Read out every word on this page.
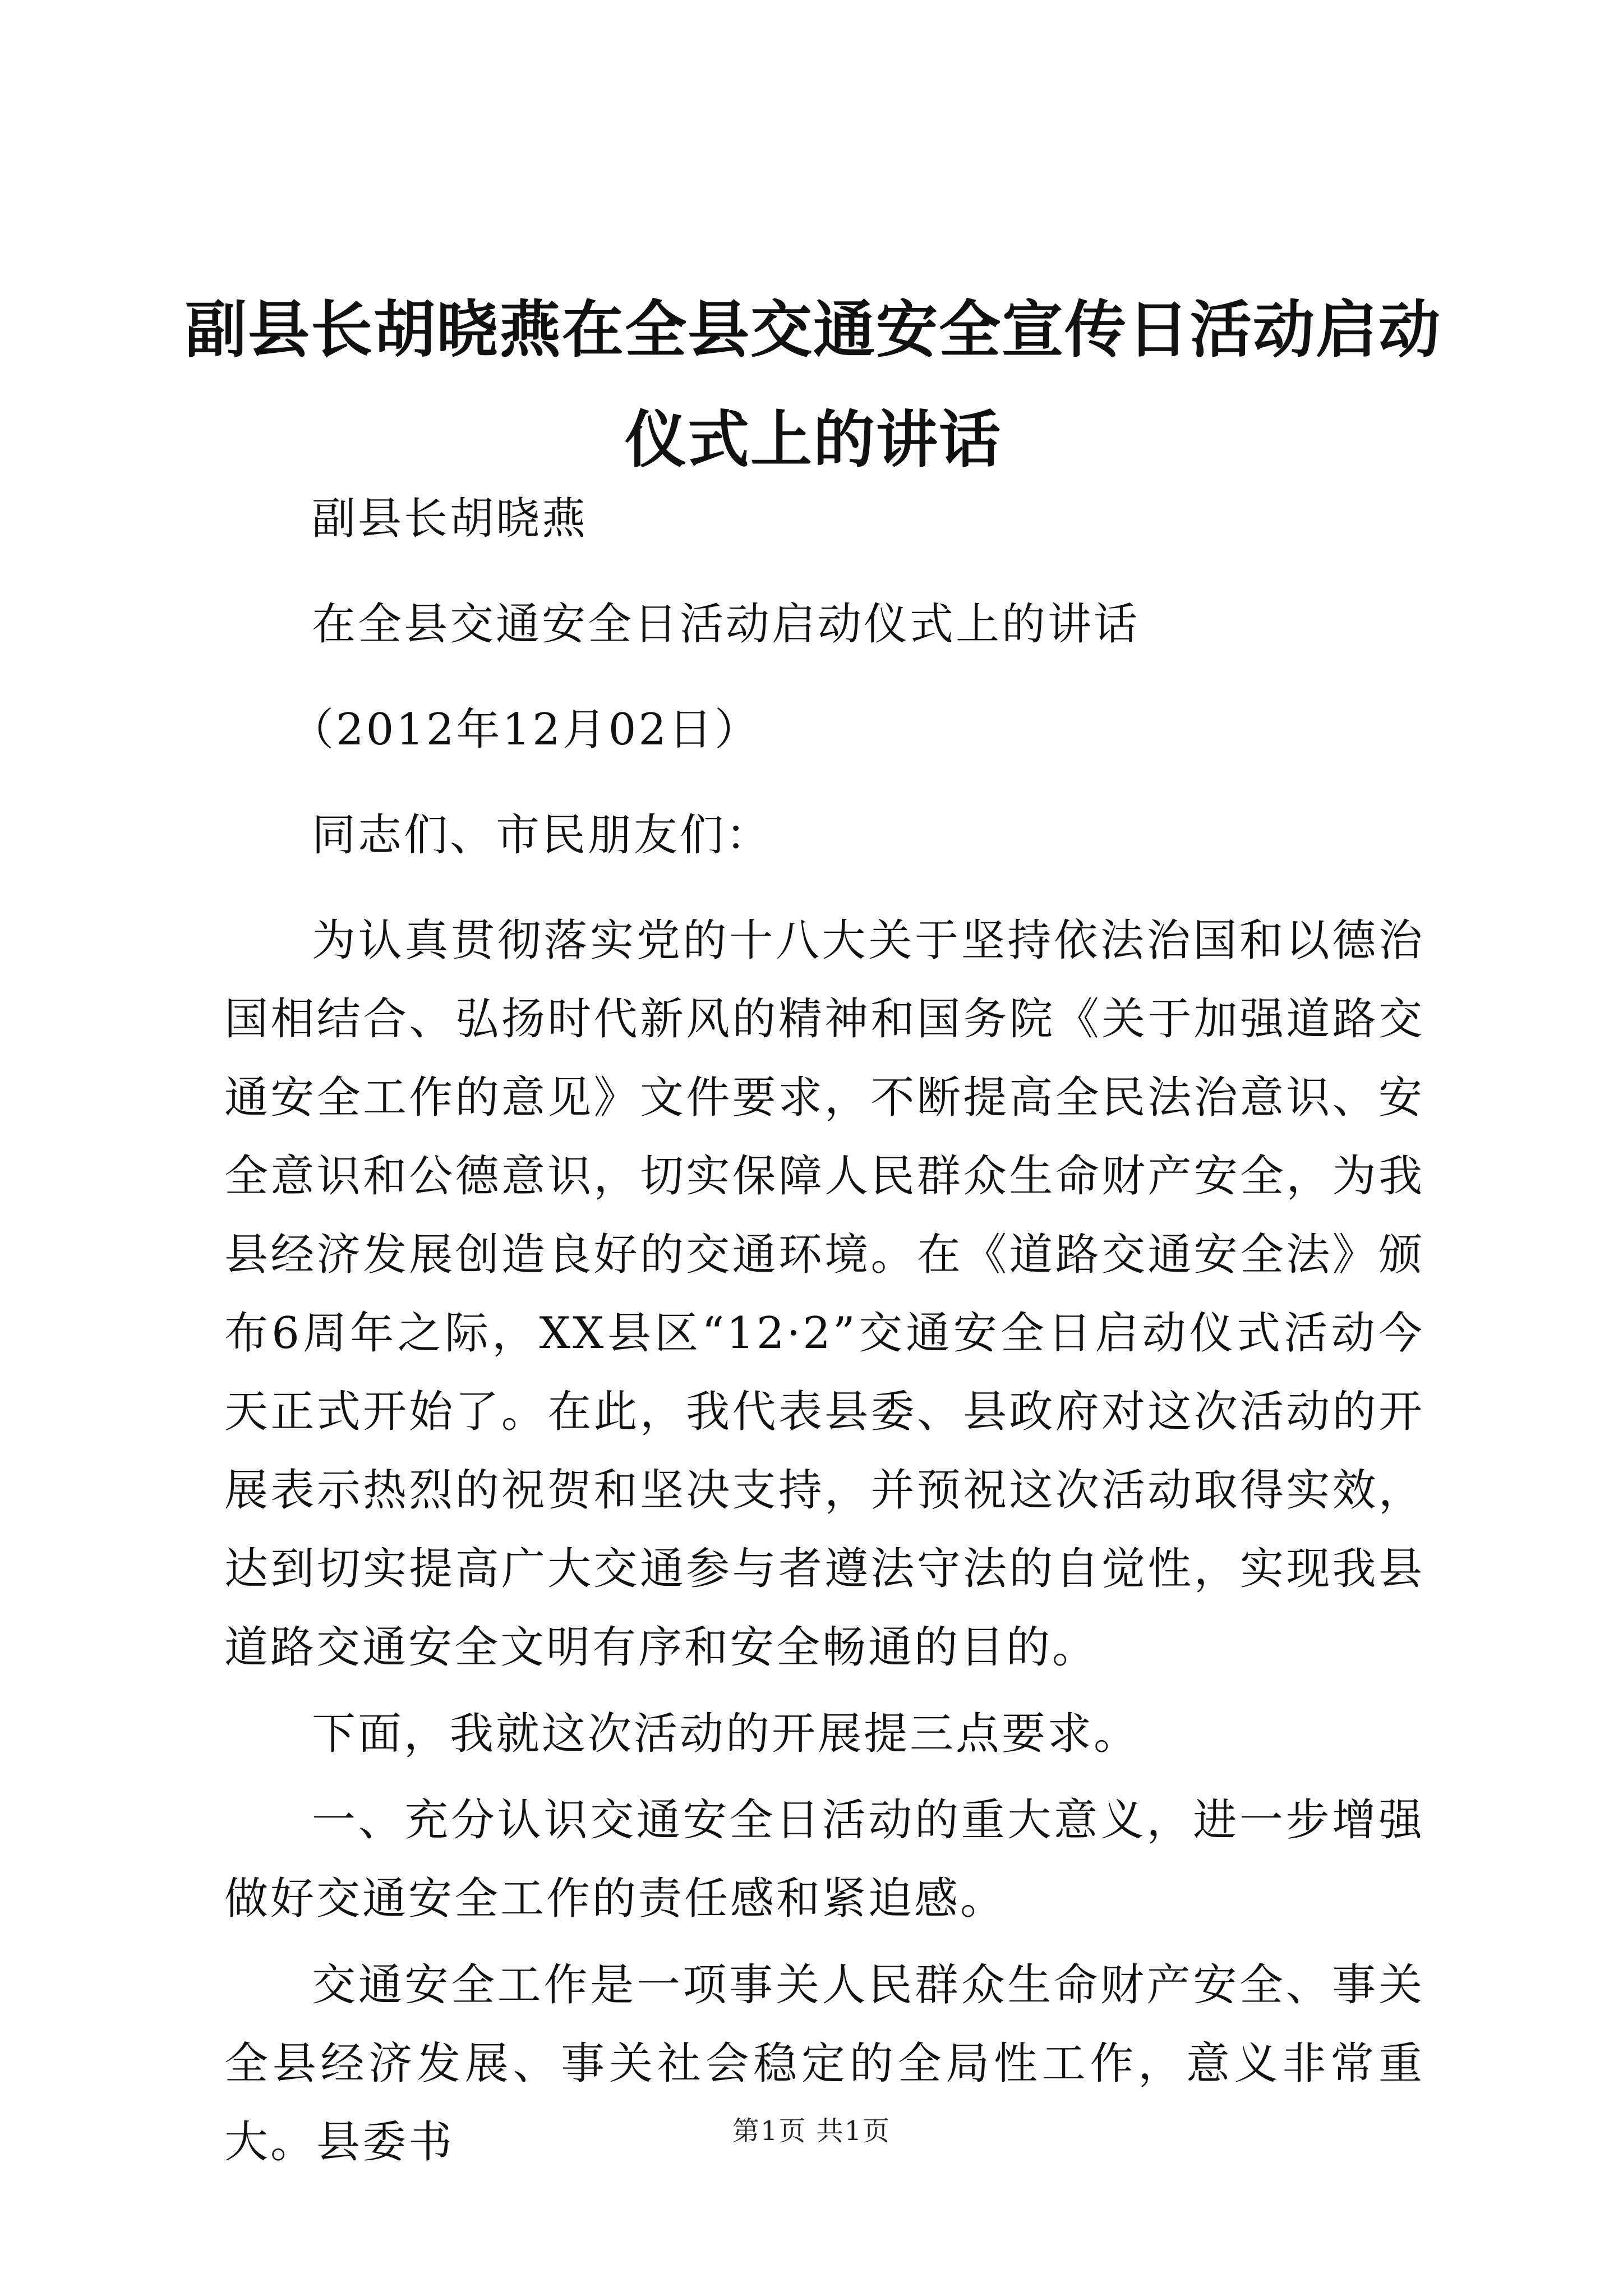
副县长胡晓燕在全县交通安全宣传日活动启动
仪式上的讲话

副县长胡晓燕

在全县交通安全日活动启动仪式上的讲话

（2012年12月02日）

同志们、市民朋友们：

为认真贯彻落实党的十八大关于坚持依法治国和以德治国相结合、弘扬时代新风的精神和国务院《关于加强道路交通安全工作的意见》文件要求，不断提高全民法治意识、安全意识和公德意识，切实保障人民群众生命财产安全，为我县经济发展创造良好的交通环境。在《道路交通安全法》颁布6周年之际，XX县区“12·2”交通安全日启动仪式活动今天正式开始了。在此，我代表县委、县政府对这次活动的开展表示热烈的祝贺和坚决支持，并预祝这次活动取得实效，达到切实提高广大交通参与者遵法守法的自觉性，实现我县道路交通安全文明有序和安全畅通的目的。

下面，我就这次活动的开展提三点要求。

一、充分认识交通安全日活动的重大意义，进一步增强做好交通安全工作的责任感和紧迫感。

交通安全工作是一项事关人民群众生命财产安全、事关全县经济发展、事关社会稳定的全局性工作，意义非常重大。县委书	第1页 共1页
